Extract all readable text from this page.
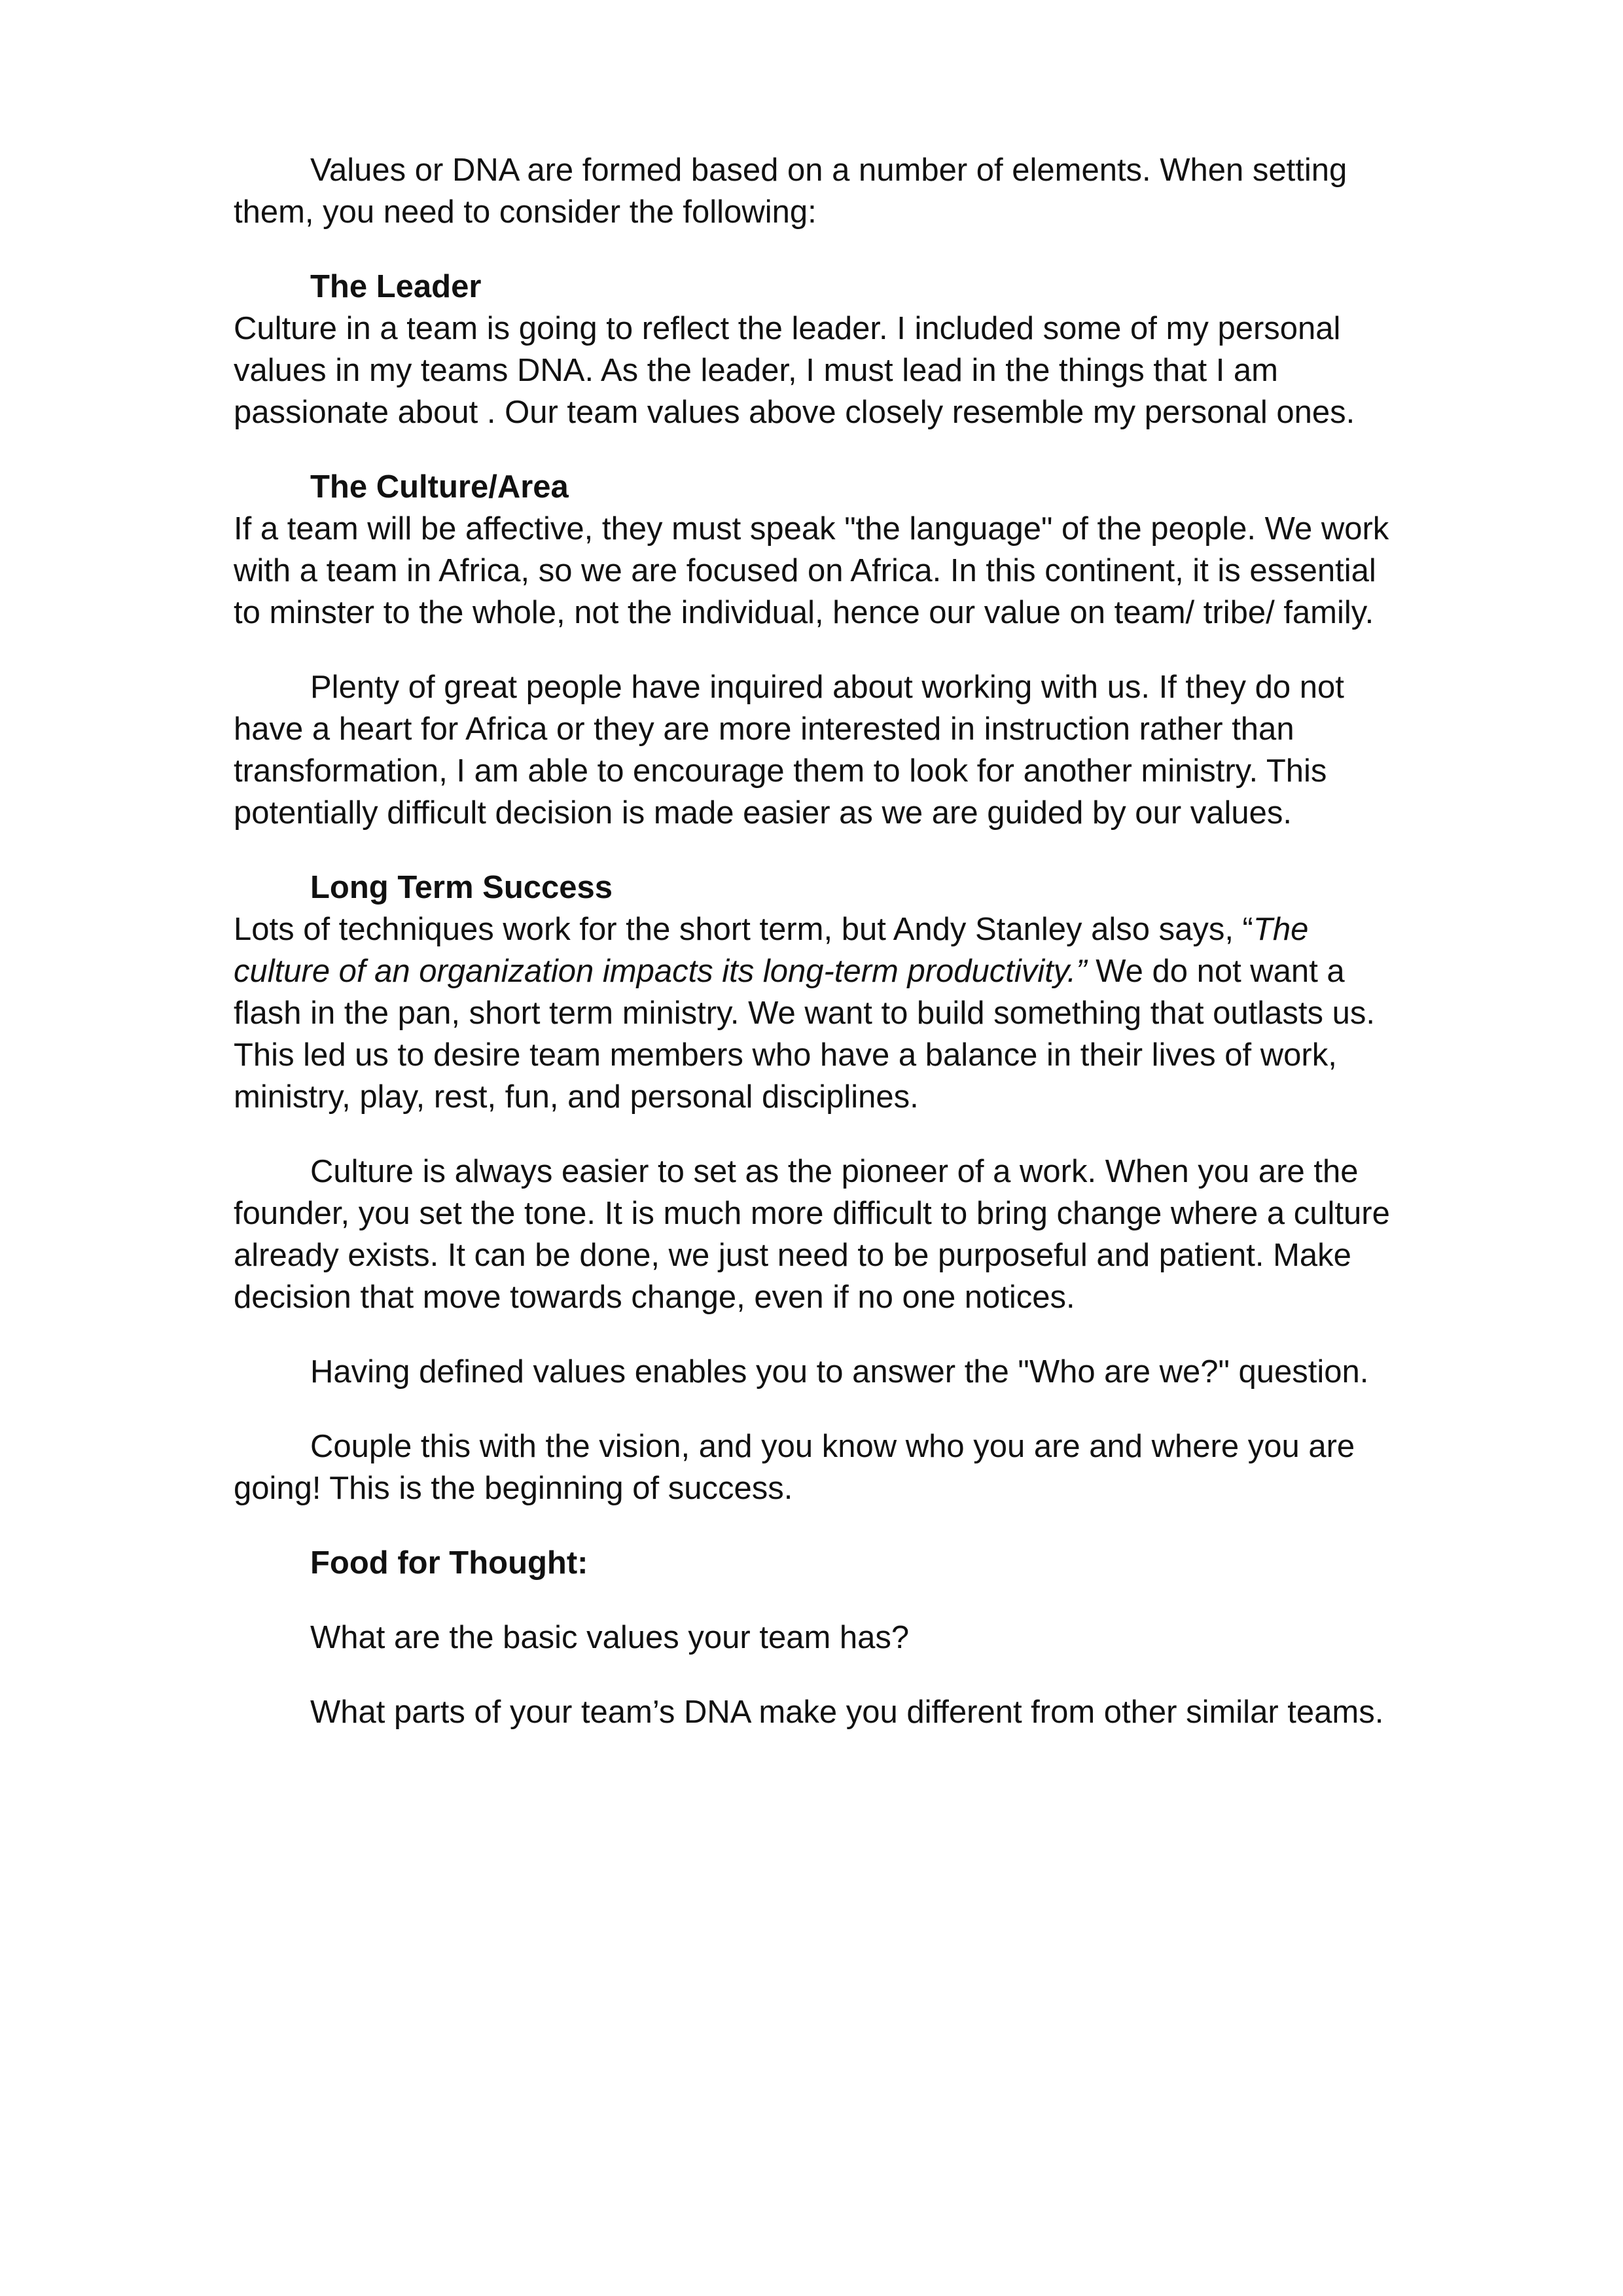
Values or DNA are formed based on a number of elements. When setting them, you need to consider the following:

The Leader

Culture in a team is going to reflect the leader. I included some of my personal values in my teams DNA. As the leader, I must lead in the things that I am passionate about . Our team values above closely resemble my personal ones.

The Culture/Area

If a team will be affective, they must speak "the language" of the people. We work with a team in Africa, so we are focused on Africa. In this continent, it is essential to minster to the whole, not the individual, hence our value on team/ tribe/ family.

Plenty of great people have inquired about working with us. If they do not have a heart for Africa or they are more interested in instruction rather than transformation, I am able to encourage them to look for another ministry. This potentially difficult decision is made easier as we are guided by our values.

Long Term Success

Lots of techniques work for the short term, but Andy Stanley also says, “The culture of an organization impacts its long-term productivity.” We do not want a flash in the pan, short term ministry. We want to build something that outlasts us. This led us to desire team members who have a balance in their lives of work, ministry, play, rest, fun, and personal disciplines.

Culture is always easier to set as the pioneer of a work. When you are the founder, you set the tone. It is much more difficult to bring change where a culture already exists. It can be done, we just need to be purposeful and patient. Make decision that move towards change, even if no one notices.

Having defined values enables you to answer the "Who are we?" question.

Couple this with the vision, and you know who you are and where you are going! This is the beginning of success.

Food for Thought:

What are the basic values your team has?

What parts of your team’s DNA make you different from other similar teams.
